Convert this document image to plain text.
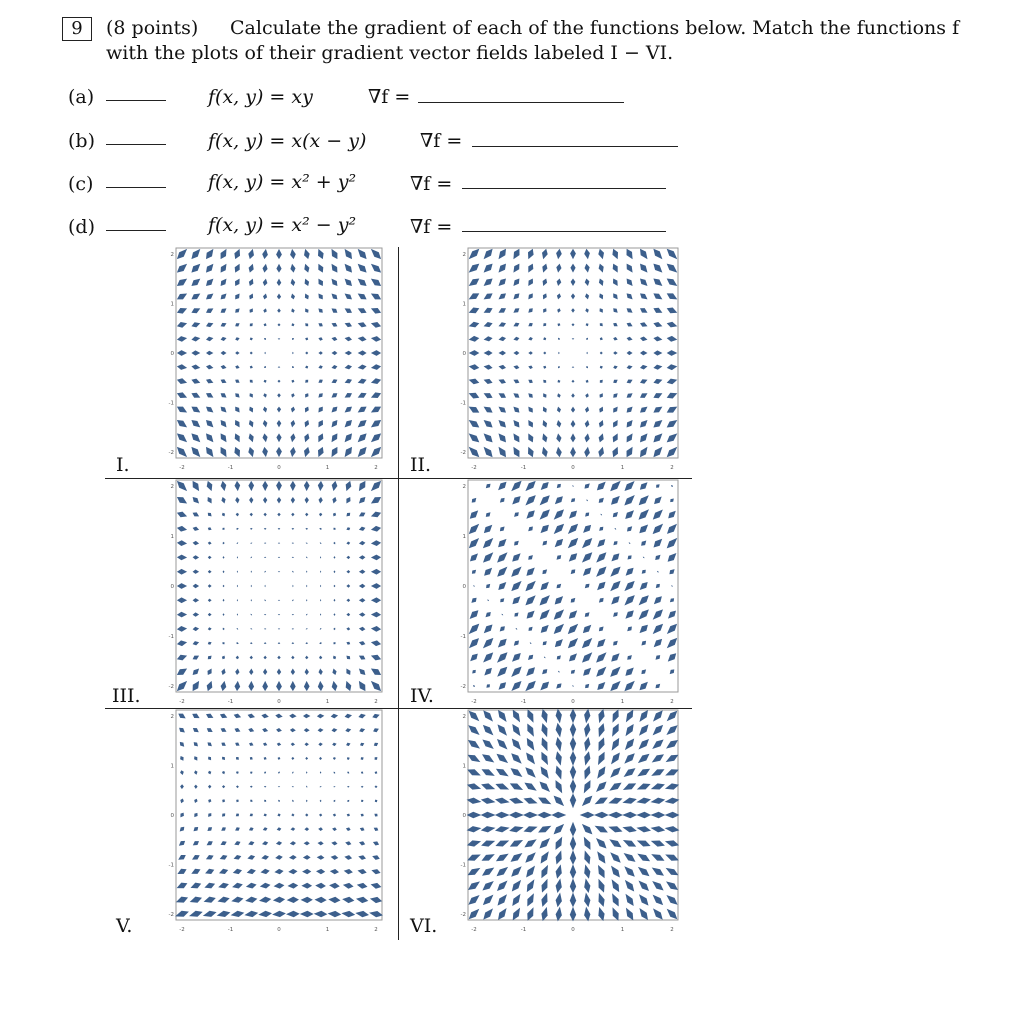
9	(8 points) Calculate the gradient of each of the functions below. Match the functions f
with the plots of their gradient vector fields labeled I − VI.
(a)	f(x, y) = xy	∇f =
(b)	f(x, y) = x(x − y)	∇f =
(c)	f(x, y) = x² + y²	∇f =
(d)	f(x, y) = x² − y²	∇f =
I.	II.
III.	IV.
V.	VI.
-2	-1	0	1	2
2
1
0
-1
-2
-2	-1	0	1	2
2
1
0
-1
-2
-2	-1	0	1	2
2
1
0
-1
-2
-2	-1	0	1	2
2
1
0
-1
-2
-2	-1	0	1	2
2
1
0
-1
-2
-2	-1	0	1	2
2
1
0
-1
-2
